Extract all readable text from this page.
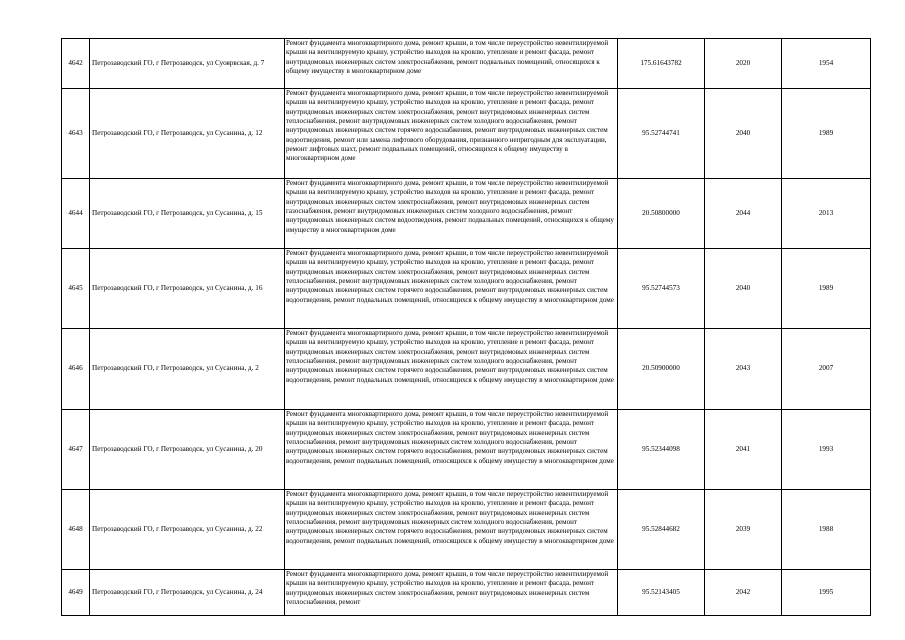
4642	Петрозаводский ГО, г Петрозаводск, ул Суоярвская, д. 7	Ремонт фундамента многоквартирного дома, ремонт крыши, в том числе переустройство невентилируемой крыши на вентилируемую крышу, устройство выходов на кровлю, утепление и ремонт фасада, ремонт внутридомовых инженерных систем электроснабжения, ремонт подвальных помещений, относящихся к общему имуществу в многоквартирном доме	175.61643782	2020	1954
4643	Петрозаводский ГО, г Петрозаводск, ул Сусанина, д. 12	Ремонт фундамента многоквартирного дома, ремонт крыши, в том числе переустройство невентилируемой крыши на вентилируемую крышу, устройство выходов на кровлю, утепление и ремонт фасада, ремонт внутридомовых инженерных систем электроснабжения, ремонт внутридомовых инженерных систем теплоснабжения, ремонт внутридомовых инженерных систем холодного водоснабжения, ремонт внутридомовых инженерных систем горячего водоснабжения, ремонт внутридомовых инженерных систем водоотведения, ремонт или замена лифтового оборудования, признанного непригодным для эксплуатации, ремонт лифтовых шахт, ремонт подвальных помещений, относящихся к общему имуществу в многоквартирном доме	95.52744741	2040	1989
4644	Петрозаводский ГО, г Петрозаводск, ул Сусанина, д. 15	Ремонт фундамента многоквартирного дома, ремонт крыши, в том числе переустройство невентилируемой крыши на вентилируемую крышу, устройство выходов на кровлю, утепление и ремонт фасада, ремонт внутридомовых инженерных систем электроснабжения, ремонт внутридомовых инженерных систем газоснабжения, ремонт внутридомовых инженерных систем холодного водоснабжения, ремонт внутридомовых инженерных систем водоотведения, ремонт подвальных помещений, относящихся к общему имуществу в многоквартирном доме	20.50800000	2044	2013
4645	Петрозаводский ГО, г Петрозаводск, ул Сусанина, д. 16	Ремонт фундамента многоквартирного дома, ремонт крыши, в том числе переустройство невентилируемой крыши на вентилируемую крышу, устройство выходов на кровлю, утепление и ремонт фасада, ремонт внутридомовых инженерных систем электроснабжения, ремонт внутридомовых инженерных систем теплоснабжения, ремонт внутридомовых инженерных систем холодного водоснабжения, ремонт внутридомовых инженерных систем горячего водоснабжения, ремонт внутридомовых инженерных систем водоотведения, ремонт подвальных помещений, относящихся к общему имуществу в многоквартирном доме	95.52744573	2040	1989
4646	Петрозаводский ГО, г Петрозаводск, ул Сусанина, д. 2	Ремонт фундамента многоквартирного дома, ремонт крыши, в том числе переустройство невентилируемой крыши на вентилируемую крышу, устройство выходов на кровлю, утепление и ремонт фасада, ремонт внутридомовых инженерных систем электроснабжения, ремонт внутридомовых инженерных систем теплоснабжения, ремонт внутридомовых инженерных систем холодного водоснабжения, ремонт внутридомовых инженерных систем горячего водоснабжения, ремонт внутридомовых инженерных систем водоотведения, ремонт подвальных помещений, относящихся к общему имуществу в многоквартирном доме	20.50900000	2043	2007
4647	Петрозаводский ГО, г Петрозаводск, ул Сусанина, д. 20	Ремонт фундамента многоквартирного дома, ремонт крыши, в том числе переустройство невентилируемой крыши на вентилируемую крышу, устройство выходов на кровлю, утепление и ремонт фасада, ремонт внутридомовых инженерных систем электроснабжения, ремонт внутридомовых инженерных систем теплоснабжения, ремонт внутридомовых инженерных систем холодного водоснабжения, ремонт внутридомовых инженерных систем горячего водоснабжения, ремонт внутридомовых инженерных систем водоотведения, ремонт подвальных помещений, относящихся к общему имуществу в многоквартирном доме	95.52344098	2041	1993
4648	Петрозаводский ГО, г Петрозаводск, ул Сусанина, д. 22	Ремонт фундамента многоквартирного дома, ремонт крыши, в том числе переустройство невентилируемой крыши на вентилируемую крышу, устройство выходов на кровлю, утепление и ремонт фасада, ремонт внутридомовых инженерных систем электроснабжения, ремонт внутридомовых инженерных систем теплоснабжения, ремонт внутридомовых инженерных систем холодного водоснабжения, ремонт внутридомовых инженерных систем горячего водоснабжения, ремонт внутридомовых инженерных систем водоотведения, ремонт подвальных помещений, относящихся к общему имуществу в многоквартирном доме	95.52844682	2039	1988
4649	Петрозаводский ГО, г Петрозаводск, ул Сусанина, д. 24	Ремонт фундамента многоквартирного дома, ремонт крыши, в том числе переустройство невентилируемой крыши на вентилируемую крышу, устройство выходов на кровлю, утепление и ремонт фасада, ремонт внутридомовых инженерных систем электроснабжения, ремонт внутридомовых инженерных систем теплоснабжения, ремонт	95.52143405	2042	1995
